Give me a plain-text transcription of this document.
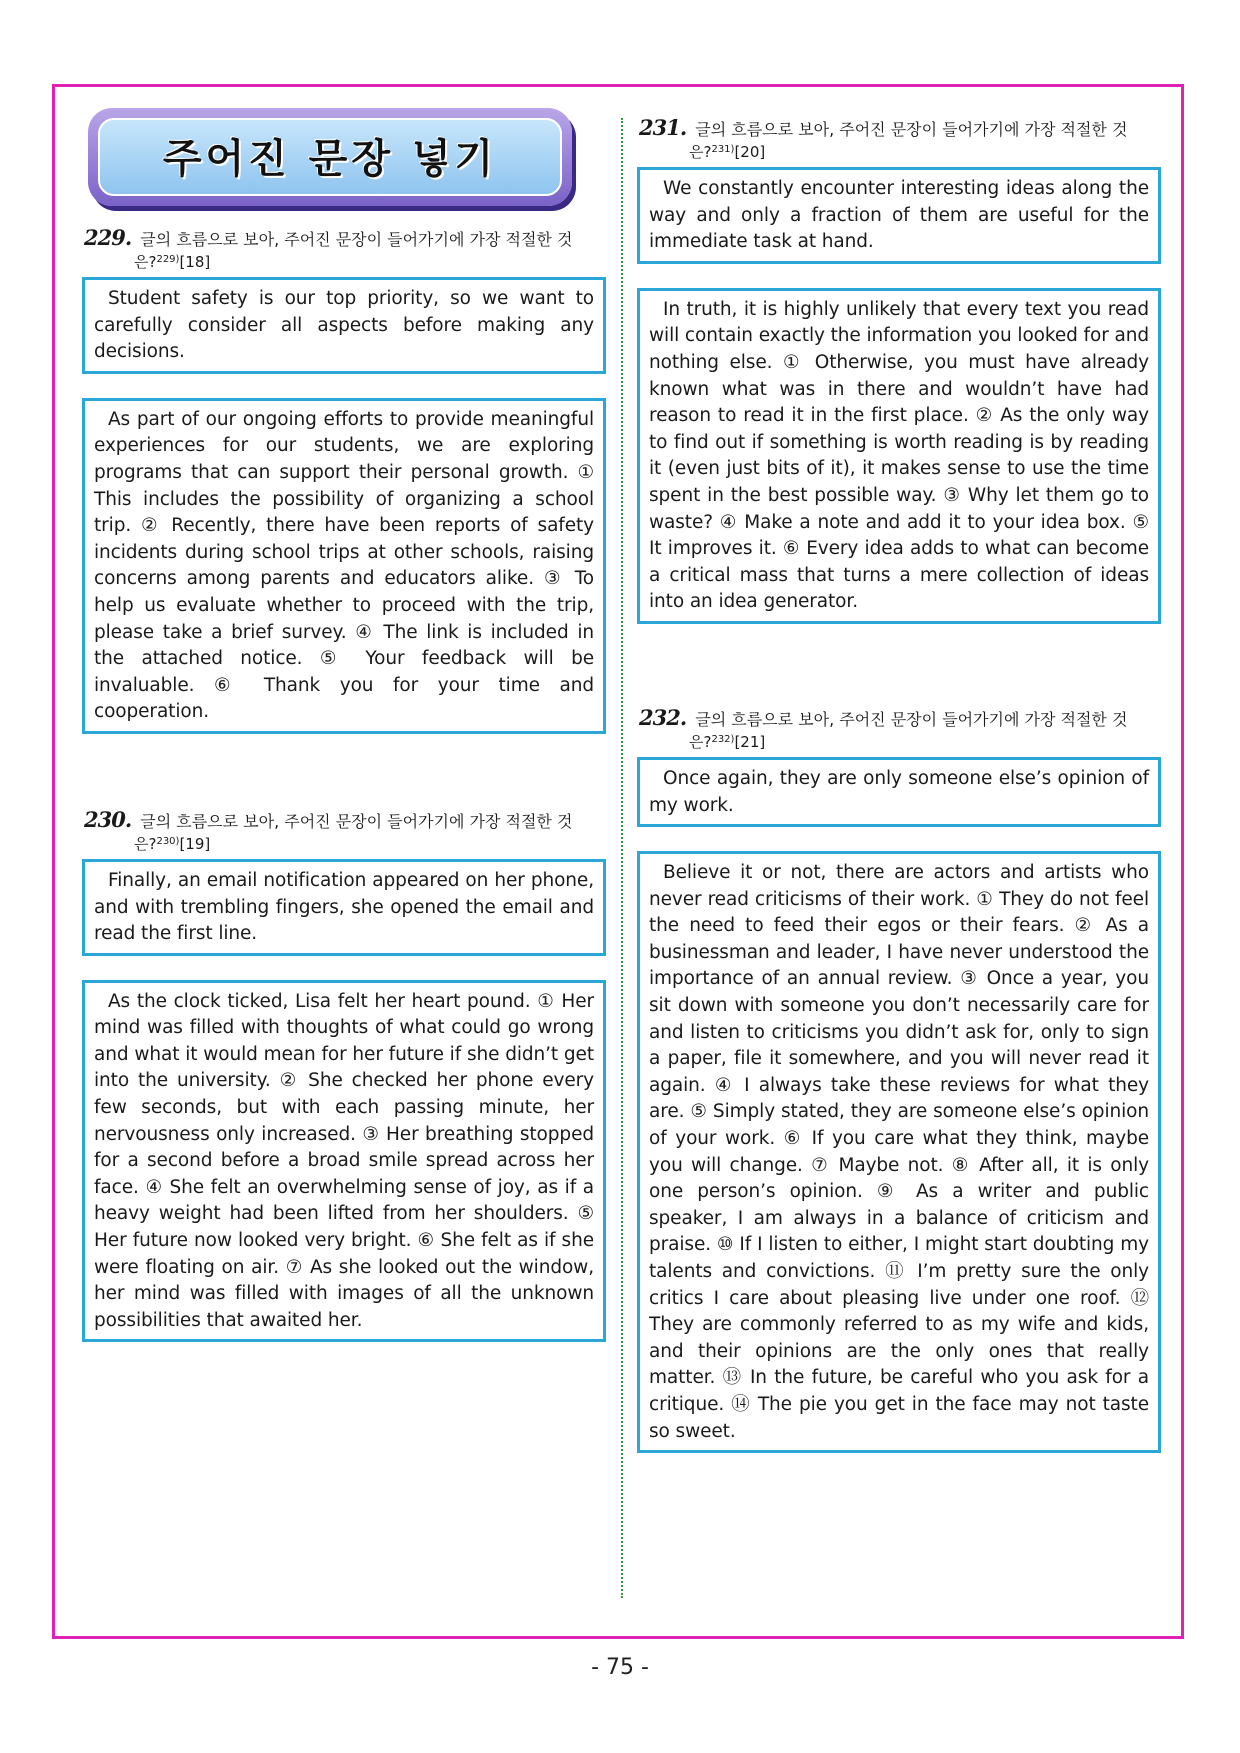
주어진 문장 넣기
229. 글의 흐름으로 보아, 주어진 문장이 들어가기에 가장 적절한 것
은?$^{229)}$[18]

Student safety is our top priority, so we want to carefully consider all aspects before making any decisions.

As part of our ongoing efforts to provide meaningful experiences for our students, we are exploring programs that can support their personal growth. ① This includes the possibility of organizing a school trip. ② Recently, there have been reports of safety incidents during school trips at other schools, raising concerns among parents and educators alike. ③ To help us evaluate whether to proceed with the trip, please take a brief survey. ④ The link is included in the attached notice. ⑤ Your feedback will be invaluable. ⑥ Thank you for your time and cooperation.

230. 글의 흐름으로 보아, 주어진 문장이 들어가기에 가장 적절한 것
은?$^{230)}$[19]

Finally, an email notification appeared on her phone, and with trembling fingers, she opened the email and read the first line.

As the clock ticked, Lisa felt her heart pound. ① Her mind was filled with thoughts of what could go wrong and what it would mean for her future if she didn’t get into the university. ② She checked her phone every few seconds, but with each passing minute, her nervousness only increased. ③ Her breathing stopped for a second before a broad smile spread across her face. ④ She felt an overwhelming sense of joy, as if a heavy weight had been lifted from her shoulders. ⑤ Her future now looked very bright. ⑥ She felt as if she were floating on air. ⑦ As she looked out the window, her mind was filled with images of all the unknown possibilities that awaited her.

231. 글의 흐름으로 보아, 주어진 문장이 들어가기에 가장 적절한 것
은?$^{231)}$[20]

We constantly encounter interesting ideas along the way and only a fraction of them are useful for the immediate task at hand.

In truth, it is highly unlikely that every text you read will contain exactly the information you looked for and nothing else. ① Otherwise, you must have already known what was in there and wouldn’t have had reason to read it in the first place. ② As the only way to find out if something is worth reading is by reading it (even just bits of it), it makes sense to use the time spent in the best possible way. ③ Why let them go to waste? ④ Make a note and add it to your idea box. ⑤ It improves it. ⑥ Every idea adds to what can become a critical mass that turns a mere collection of ideas into an idea generator.

232. 글의 흐름으로 보아, 주어진 문장이 들어가기에 가장 적절한 것
은?$^{232)}$[21]

Once again, they are only someone else’s opinion of my work.

Believe it or not, there are actors and artists who never read criticisms of their work. ① They do not feel the need to feed their egos or their fears. ② As a businessman and leader, I have never understood the importance of an annual review. ③ Once a year, you sit down with someone you don’t necessarily care for and listen to criticisms you didn’t ask for, only to sign a paper, file it somewhere, and you will never read it again. ④ I always take these reviews for what they are. ⑤ Simply stated, they are someone else’s opinion of your work. ⑥ If you care what they think, maybe you will change. ⑦ Maybe not. ⑧ After all, it is only one person’s opinion. ⑨ As a writer and public speaker, I am always in a balance of criticism and praise. ⑩ If I listen to either, I might start doubting my talents and convictions. ⑪ I’m pretty sure the only critics I care about pleasing live under one roof. ⑫ They are commonly referred to as my wife and kids, and their opinions are the only ones that really matter. ⑬ In the future, be careful who you ask for a critique. ⑭ The pie you get in the face may not taste so sweet.

- 75 -
